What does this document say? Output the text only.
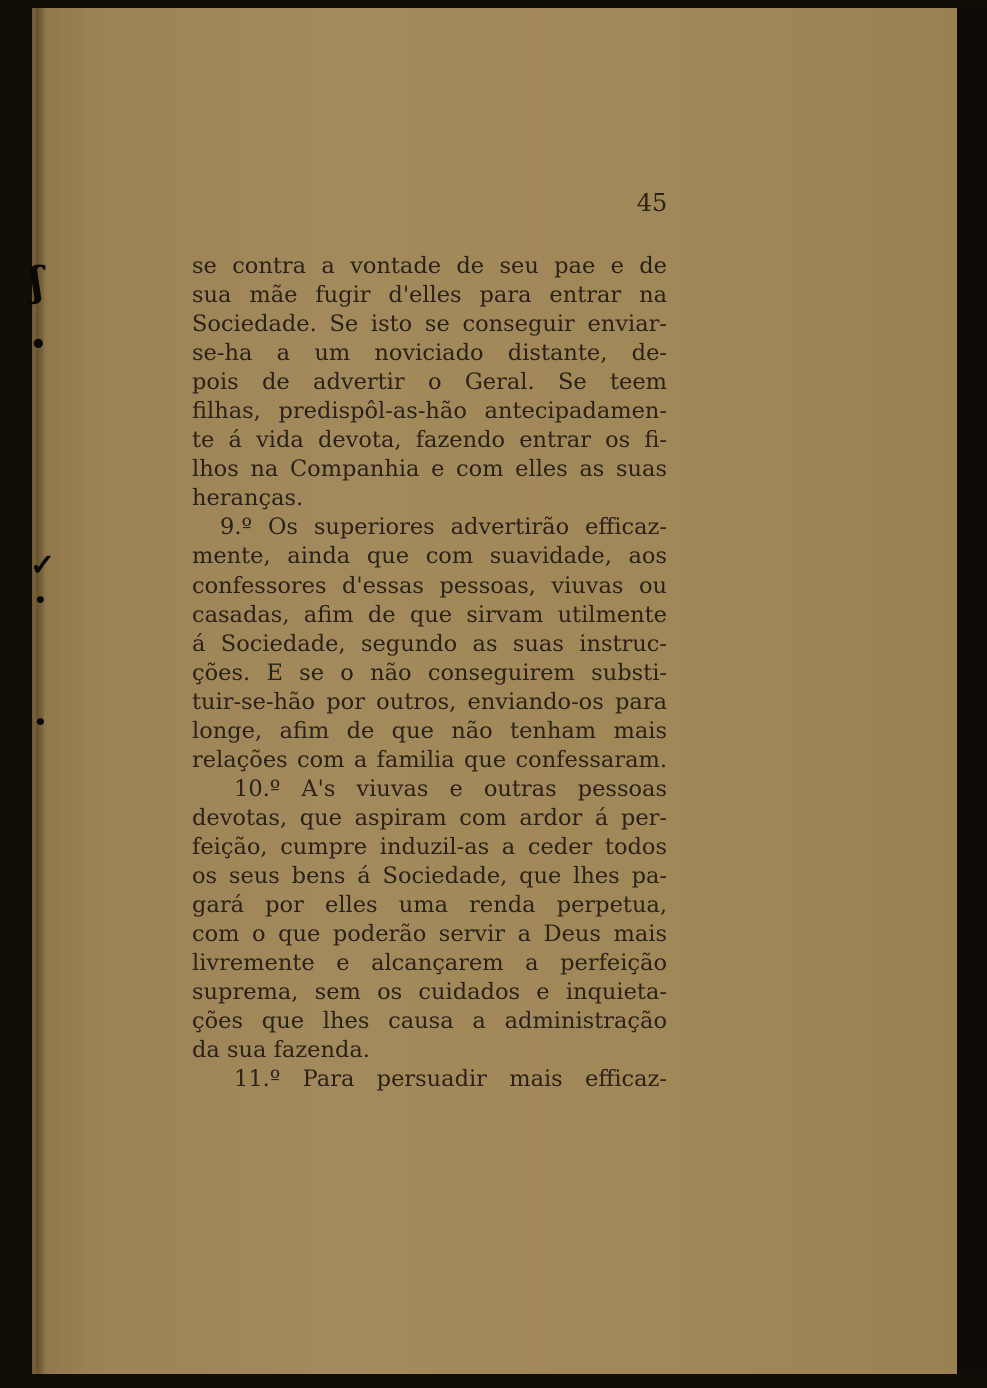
ʃ
•
✓
•
•
45
se contra a vontade de seu pae e de
sua mãe fugir d'elles para entrar na
Sociedade. Se isto se conseguir enviar-
se-ha a um noviciado distante, de-
pois de advertir o Geral. Se teem
filhas, predispôl-as-hão antecipadamen-
te á vida devota, fazendo entrar os fi-
lhos na Companhia e com elles as suas
heranças.
9.º Os superiores advertirão efficaz-
mente, ainda que com suavidade, aos
confessores d'essas pessoas, viuvas ou
casadas, afim de que sirvam utilmente
á Sociedade, segundo as suas instruc-
ções. E se o não conseguirem substi-
tuir-se-hão por outros, enviando-os para
longe, afim de que não tenham mais
relações com a familia que confessaram.
10.º A's viuvas e outras pessoas
devotas, que aspiram com ardor á per-
feição, cumpre induzil-as a ceder todos
os seus bens á Sociedade, que lhes pa-
gará por elles uma renda perpetua,
com o que poderão servir a Deus mais
livremente e alcançarem a perfeição
suprema, sem os cuidados e inquieta-
ções que lhes causa a administração
da sua fazenda.
11.º Para persuadir mais efficaz-
